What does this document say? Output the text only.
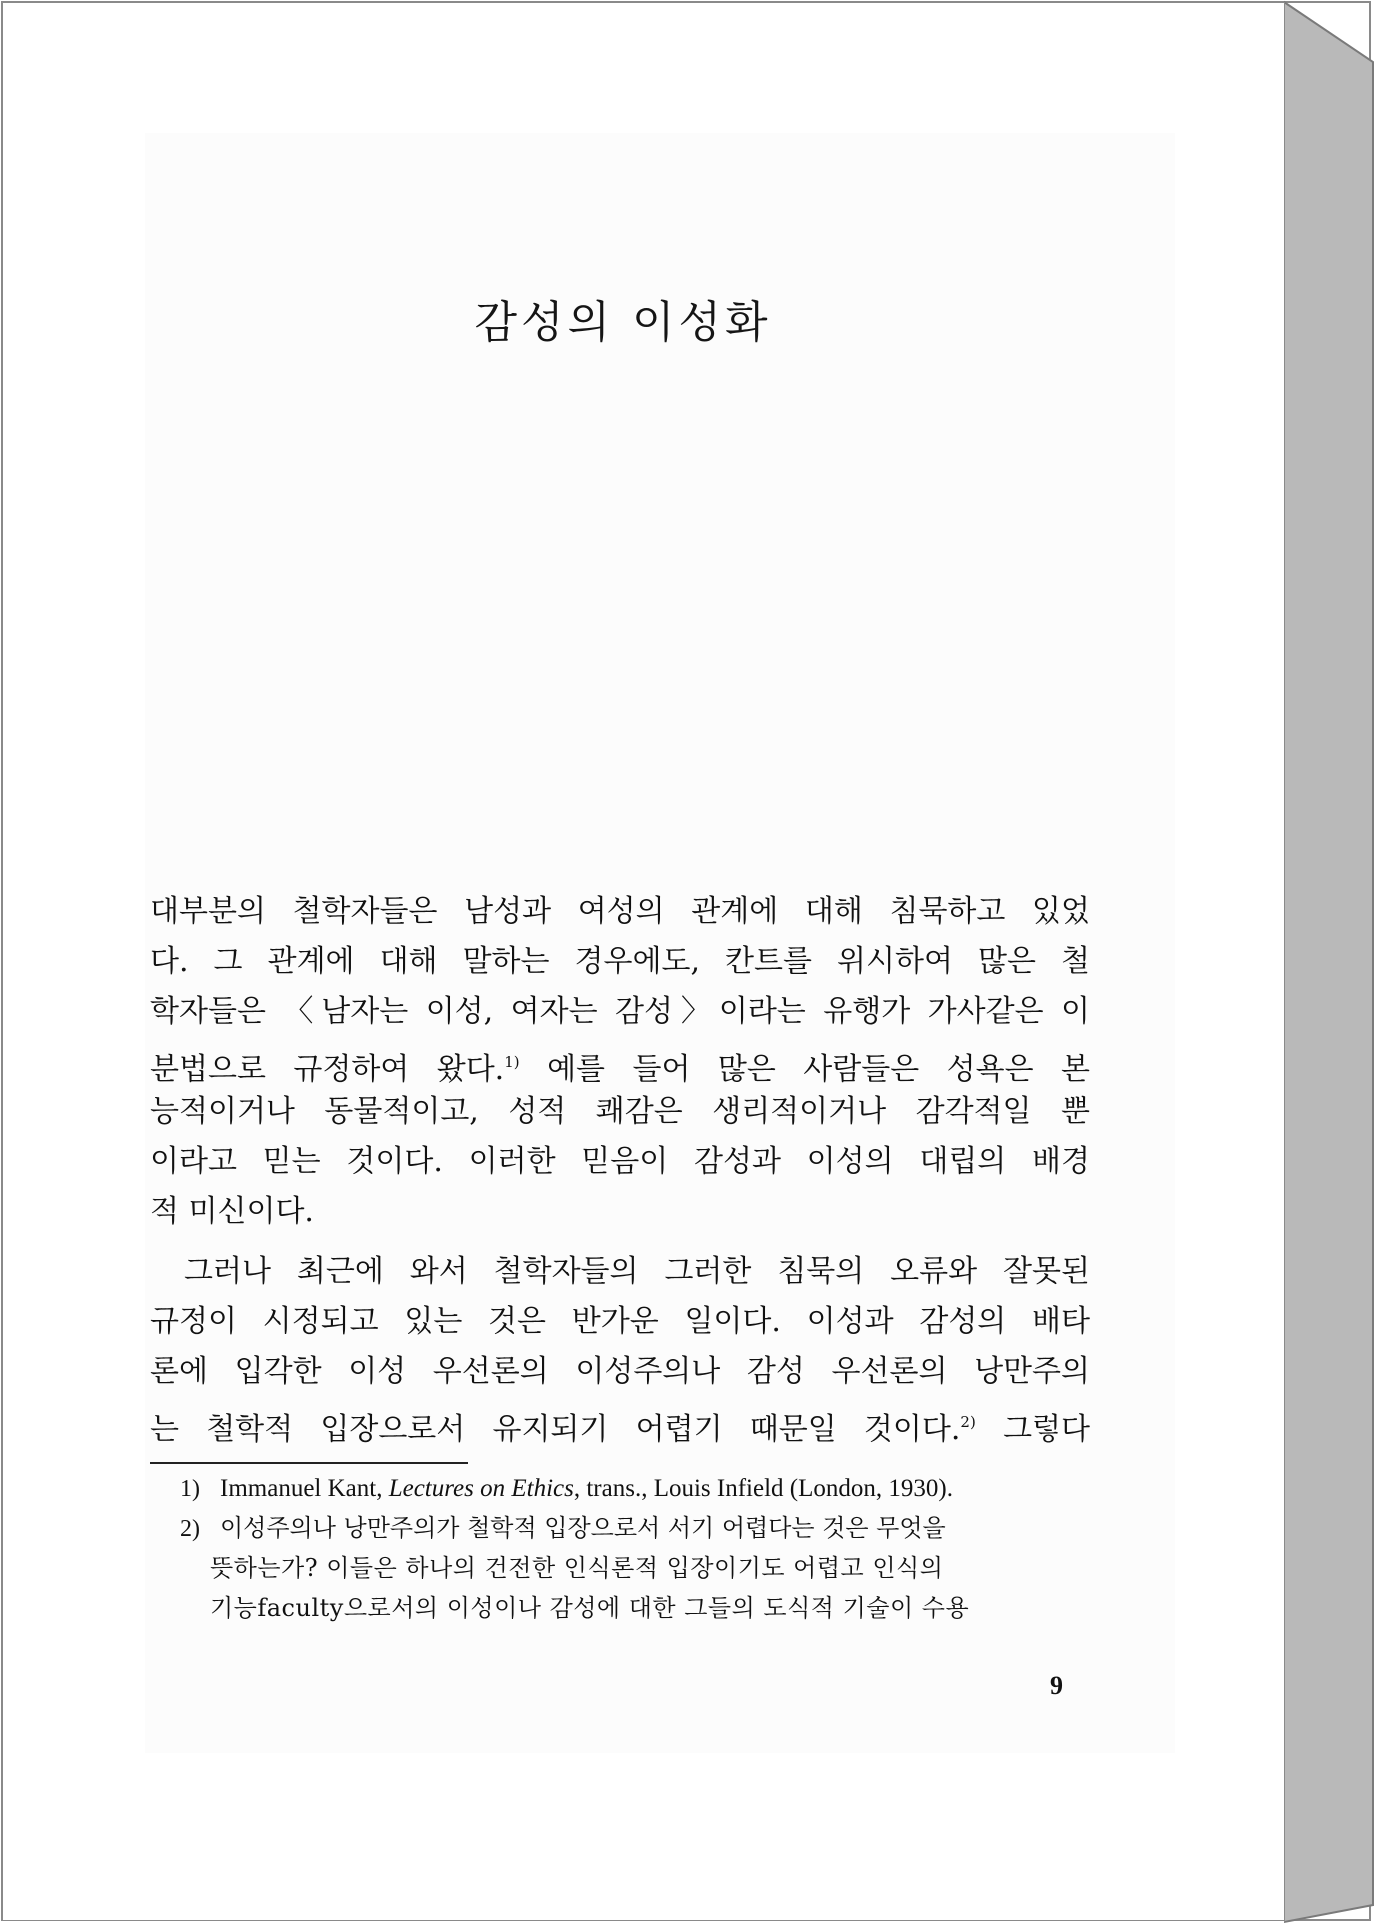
감성의 이성화
대부분의 철학자들은 남성과 여성의 관계에 대해 침묵하고 있었
다. 그 관계에 대해 말하는 경우에도, 칸트를 위시하여 많은 철
학자들은 〈남자는 이성, 여자는 감성〉이라는 유행가 가사같은 이
분법으로 규정하여 왔다.$^{1)}$ 예를 들어 많은 사람들은 성욕은 본
능적이거나 동물적이고, 성적 쾌감은 생리적이거나 감각적일 뿐
이라고 믿는 것이다. 이러한 믿음이 감성과 이성의 대립의 배경
적 미신이다.
그러나 최근에 와서 철학자들의 그러한 침묵의 오류와 잘못된
규정이 시정되고 있는 것은 반가운 일이다. 이성과 감성의 배타
론에 입각한 이성 우선론의 이성주의나 감성 우선론의 낭만주의
는 철학적 입장으로서 유지되기 어렵기 때문일 것이다.$^{2)}$ 그렇다
1) Immanuel Kant, Lectures on Ethics, trans., Louis Infield (London, 1930).
2) 이성주의나 낭만주의가 철학적 입장으로서 서기 어렵다는 것은 무엇을
뜻하는가? 이들은 하나의 건전한 인식론적 입장이기도 어렵고 인식의
기능faculty으로서의 이성이나 감성에 대한 그들의 도식적 기술이 수용
9
